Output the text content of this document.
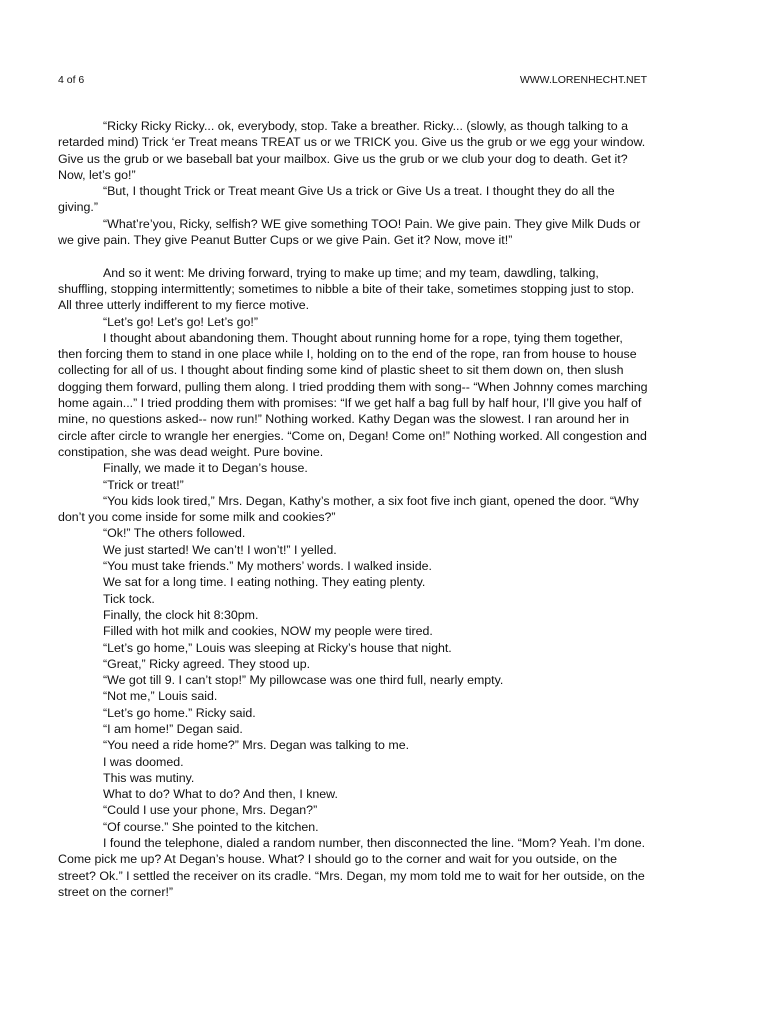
4 of 6	WWW.LORENHECHT.NET

“Ricky Ricky Ricky... ok, everybody, stop. Take a breather. Ricky... (slowly, as though talking to a retarded mind) Trick ‘er Treat means TREAT us or we TRICK you. Give us the grub or we egg your window. Give us the grub or we baseball bat your mailbox. Give us the grub or we club your dog to death. Get it? Now, let’s go!”

“But, I thought Trick or Treat meant Give Us a trick or Give Us a treat. I thought they do all the giving.”

“What’re’you, Ricky, selfish? WE give something TOO! Pain. We give pain. They give Milk Duds or we give pain. They give Peanut Butter Cups or we give Pain. Get it? Now, move it!”

And so it went: Me driving forward, trying to make up time; and my team, dawdling, talking, shuffling, stopping intermittently; sometimes to nibble a bite of their take, sometimes stopping just to stop. All three utterly indifferent to my fierce motive.

“Let’s go! Let’s go! Let’s go!”

I thought about abandoning them. Thought about running home for a rope, tying them together, then forcing them to stand in one place while I, holding on to the end of the rope, ran from house to house collecting for all of us. I thought about finding some kind of plastic sheet to sit them down on, then slush dogging them forward, pulling them along. I tried prodding them with song-- “When Johnny comes marching home again...” I tried prodding them with promises: “If we get half a bag full by half hour, I’ll give you half of mine, no questions asked-- now run!” Nothing worked. Kathy Degan was the slowest. I ran around her in circle after circle to wrangle her energies. “Come on, Degan! Come on!” Nothing worked. All congestion and constipation, she was dead weight. Pure bovine.

Finally, we made it to Degan’s house.

“Trick or treat!”

“You kids look tired,” Mrs. Degan, Kathy’s mother, a six foot five inch giant, opened the door. “Why don’t you come inside for some milk and cookies?”

“Ok!” The others followed.

We just started! We can’t! I won’t!” I yelled.

“You must take friends.” My mothers’ words. I walked inside.

We sat for a long time. I eating nothing. They eating plenty.

Tick tock.

Finally, the clock hit 8:30pm.

Filled with hot milk and cookies, NOW my people were tired.

“Let’s go home,” Louis was sleeping at Ricky’s house that night.

“Great,” Ricky agreed. They stood up.

“We got till 9. I can’t stop!” My pillowcase was one third full, nearly empty.

“Not me,” Louis said.

“Let’s go home.” Ricky said.

“I am home!” Degan said.

“You need a ride home?” Mrs. Degan was talking to me.

I was doomed.

This was mutiny.

What to do? What to do? And then, I knew.

“Could I use your phone, Mrs. Degan?”

“Of course.” She pointed to the kitchen.

I found the telephone, dialed a random number, then disconnected the line. “Mom? Yeah. I’m done. Come pick me up? At Degan’s house. What? I should go to the corner and wait for you outside, on the street? Ok.” I settled the receiver on its cradle. “Mrs. Degan, my mom told me to wait for her outside, on the street on the corner!”
